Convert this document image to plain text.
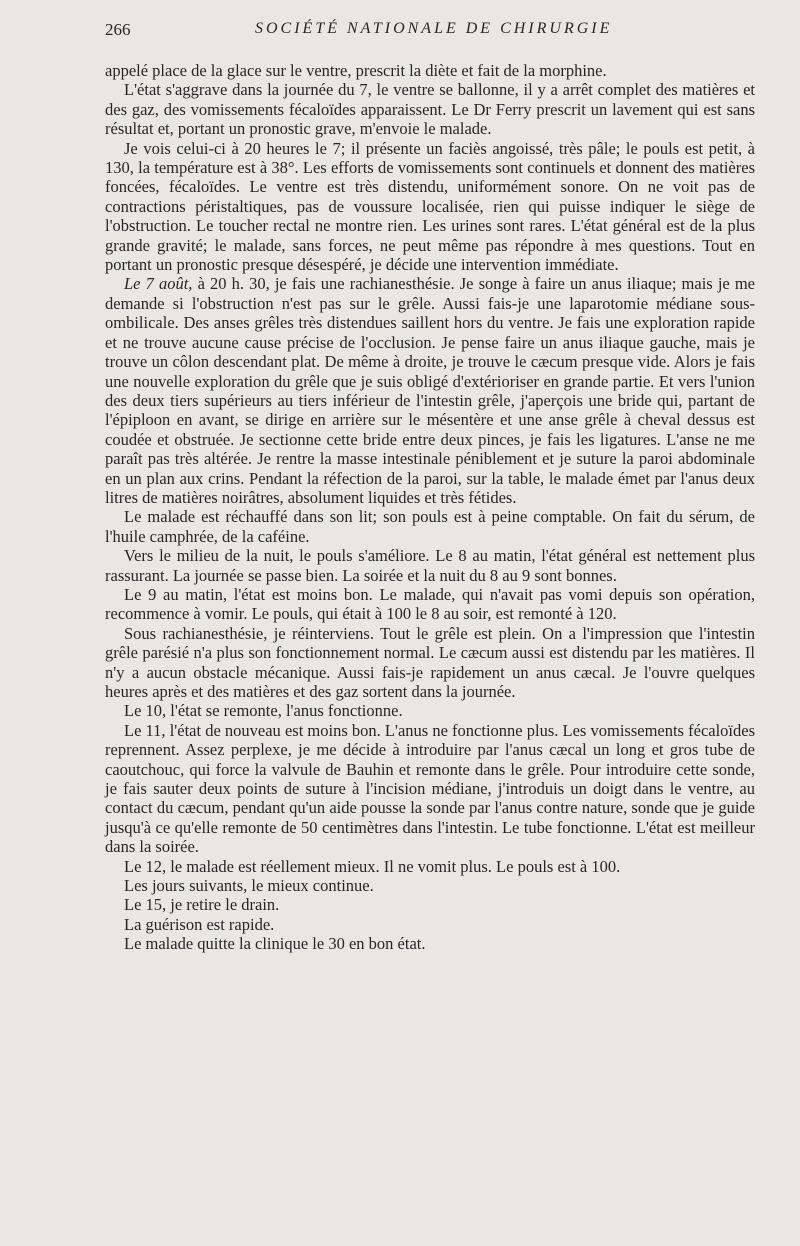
266	SOCIÉTÉ NATIONALE DE CHIRURGIE

appelé place de la glace sur le ventre, prescrit la diète et fait de la morphine.

L'état s'aggrave dans la journée du 7, le ventre se ballonne, il y a arrêt complet des matières et des gaz, des vomissements fécaloïdes apparaissent. Le Dr Ferry prescrit un lavement qui est sans résultat et, portant un pronostic grave, m'envoie le malade.

Je vois celui-ci à 20 heures le 7; il présente un faciès angoissé, très pâle; le pouls est petit, à 130, la température est à 38°. Les efforts de vomissements sont continuels et donnent des matières foncées, fécaloïdes. Le ventre est très distendu, uniformément sonore. On ne voit pas de contractions péristaltiques, pas de voussure localisée, rien qui puisse indiquer le siège de l'obstruction. Le toucher rectal ne montre rien. Les urines sont rares. L'état général est de la plus grande gravité; le malade, sans forces, ne peut même pas répondre à mes questions. Tout en portant un pronostic presque désespéré, je décide une intervention immédiate.

Le 7 août, à 20 h. 30, je fais une rachianesthésie. Je songe à faire un anus iliaque; mais je me demande si l'obstruction n'est pas sur le grêle. Aussi fais-je une laparotomie médiane sous-ombilicale. Des anses grêles très distendues saillent hors du ventre. Je fais une exploration rapide et ne trouve aucune cause précise de l'occlusion. Je pense faire un anus iliaque gauche, mais je trouve un côlon descendant plat. De même à droite, je trouve le cæcum presque vide. Alors je fais une nouvelle exploration du grêle que je suis obligé d'extérioriser en grande partie. Et vers l'union des deux tiers supérieurs au tiers inférieur de l'intestin grêle, j'aperçois une bride qui, partant de l'épiploon en avant, se dirige en arrière sur le mésentère et une anse grêle à cheval dessus est coudée et obstruée. Je sectionne cette bride entre deux pinces, je fais les ligatures. L'anse ne me paraît pas très altérée. Je rentre la masse intestinale péniblement et je suture la paroi abdominale en un plan aux crins. Pendant la réfection de la paroi, sur la table, le malade émet par l'anus deux litres de matières noirâtres, absolument liquides et très fétides.

Le malade est réchauffé dans son lit; son pouls est à peine comptable. On fait du sérum, de l'huile camphrée, de la caféine.

Vers le milieu de la nuit, le pouls s'améliore. Le 8 au matin, l'état général est nettement plus rassurant. La journée se passe bien. La soirée et la nuit du 8 au 9 sont bonnes.

Le 9 au matin, l'état est moins bon. Le malade, qui n'avait pas vomi depuis son opération, recommence à vomir. Le pouls, qui était à 100 le 8 au soir, est remonté à 120.

Sous rachianesthésie, je réinterviens. Tout le grêle est plein. On a l'impression que l'intestin grêle parésié n'a plus son fonctionnement normal. Le cæcum aussi est distendu par les matières. Il n'y a aucun obstacle mécanique. Aussi fais-je rapidement un anus cæcal. Je l'ouvre quelques heures après et des matières et des gaz sortent dans la journée.

Le 10, l'état se remonte, l'anus fonctionne.

Le 11, l'état de nouveau est moins bon. L'anus ne fonctionne plus. Les vomissements fécaloïdes reprennent. Assez perplexe, je me décide à introduire par l'anus cæcal un long et gros tube de caoutchouc, qui force la valvule de Bauhin et remonte dans le grêle. Pour introduire cette sonde, je fais sauter deux points de suture à l'incision médiane, j'introduis un doigt dans le ventre, au contact du cæcum, pendant qu'un aide pousse la sonde par l'anus contre nature, sonde que je guide jusqu'à ce qu'elle remonte de 50 centimètres dans l'intestin. Le tube fonctionne. L'état est meilleur dans la soirée.

Le 12, le malade est réellement mieux. Il ne vomit plus. Le pouls est à 100.

Les jours suivants, le mieux continue.

Le 15, je retire le drain.

La guérison est rapide.

Le malade quitte la clinique le 30 en bon état.
